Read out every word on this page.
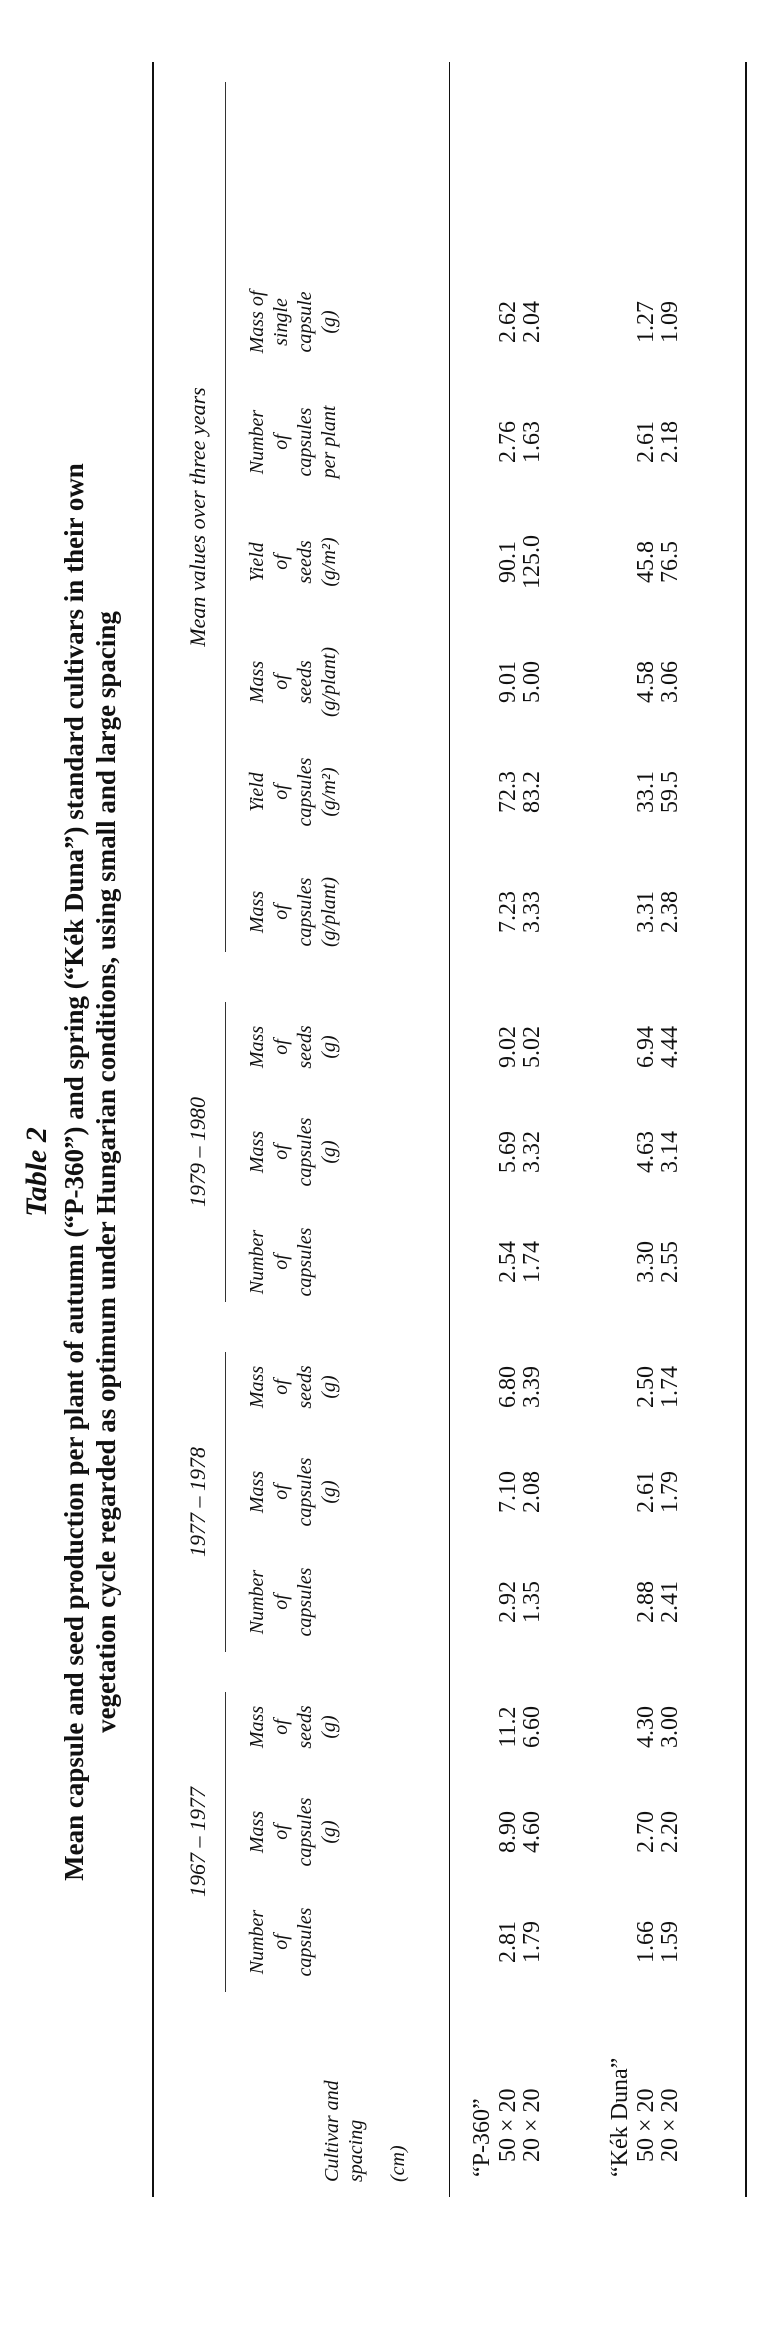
Table 2 Mean capsule and seed production per plant of autumn (“P-360”) and spring (“Kék Duna”) standard cultivars in their own
vegetation cycle regarded as optimum under Hungarian conditions, using small and large spacing
Cultivar and spacing (cm)
1967 – 1977
1977 – 1978
1979 – 1980
Mean values over three years
Number of capsules
Mass of capsules (g)
Mass of seeds (g)
Number of capsules
Mass of capsules (g)
Mass of seeds (g)
Number of capsules
Mass of capsules (g)
Mass of seeds (g)
Mass of capsules (g/plant)
Yield of capsules (g/m²)
Mass of seeds (g/plant)
Yield of seeds (g/m²)
Number of capsules per plant
Mass of single capsule (g)
“P-360” 50 × 20
20 × 20	“Kék Duna” 50 × 20
20 × 20
2.81
8.90
11.2
2.92
7.10
6.80
2.54
5.69
9.02
7.23
72.3
9.01
90.1
2.76
2.62
1.79
4.60
6.60
1.35
2.08
3.39
1.74
3.32
5.02
3.33
83.2
5.00
125.0
1.63
2.04
1.66
2.70
4.30
2.88
2.61
2.50
3.30
4.63
6.94
3.31
33.1
4.58
45.8
2.61
1.27
1.59
2.20
3.00
2.41
1.79
1.74
2.55
3.14
4.44
2.38
59.5
3.06
76.5
2.18
1.09
